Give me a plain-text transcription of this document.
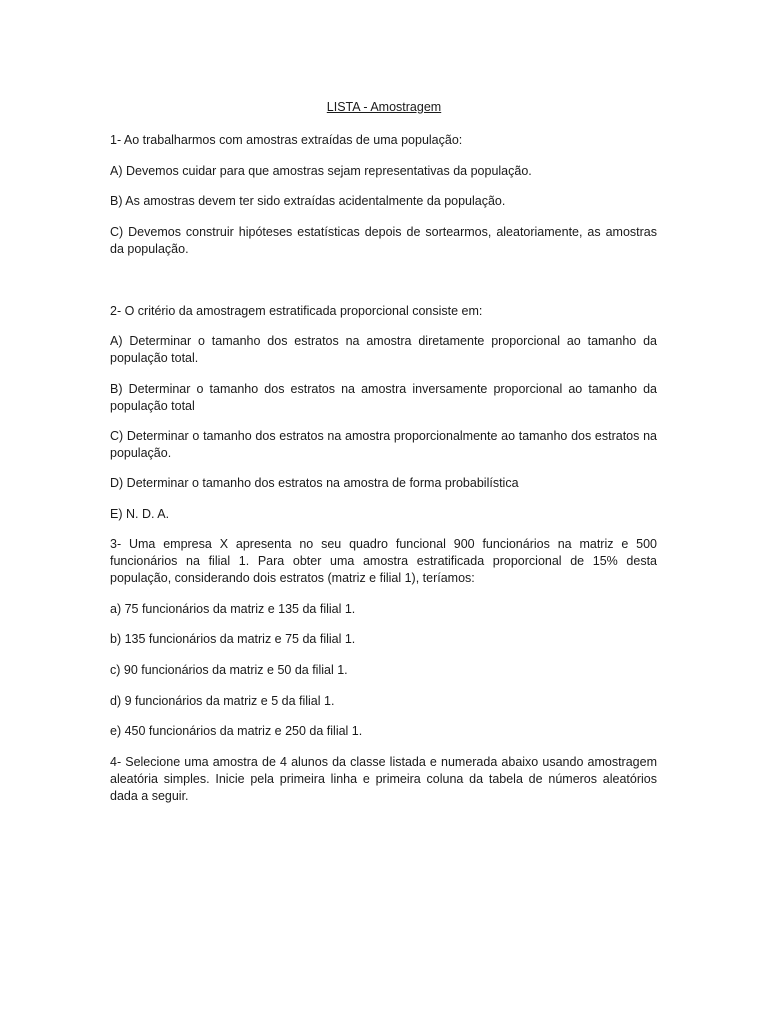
LISTA - Amostragem

1- Ao trabalharmos com amostras extraídas de uma população:

A) Devemos cuidar para que amostras sejam representativas da população.

B) As amostras devem ter sido extraídas acidentalmente da população.

C) Devemos construir hipóteses estatísticas depois de sortearmos, aleatoriamente, as amostras da população.

2- O critério da amostragem estratificada proporcional consiste em:

A) Determinar o tamanho dos estratos na amostra diretamente proporcional ao tamanho da população total.

B) Determinar o tamanho dos estratos na amostra inversamente proporcional ao tamanho da população total

C) Determinar o tamanho dos estratos na amostra proporcionalmente ao tamanho dos estratos na população.

D) Determinar o tamanho dos estratos na amostra de forma probabilística

E) N. D. A.

3- Uma empresa X apresenta no seu quadro funcional 900 funcionários na matriz e 500 funcionários na filial 1. Para obter uma amostra estratificada proporcional de 15% desta população, considerando dois estratos (matriz e filial 1), teríamos:

a) 75 funcionários da matriz e 135 da filial 1.

b) 135 funcionários da matriz e 75 da filial 1.

c) 90 funcionários da matriz e 50 da filial 1.

d) 9 funcionários da matriz e 5 da filial 1.

e) 450 funcionários da matriz e 250 da filial 1.

4- Selecione uma amostra de 4 alunos da classe listada e numerada abaixo usando amostragem aleatória simples. Inicie pela primeira linha e primeira coluna da tabela de números aleatórios dada a seguir.
